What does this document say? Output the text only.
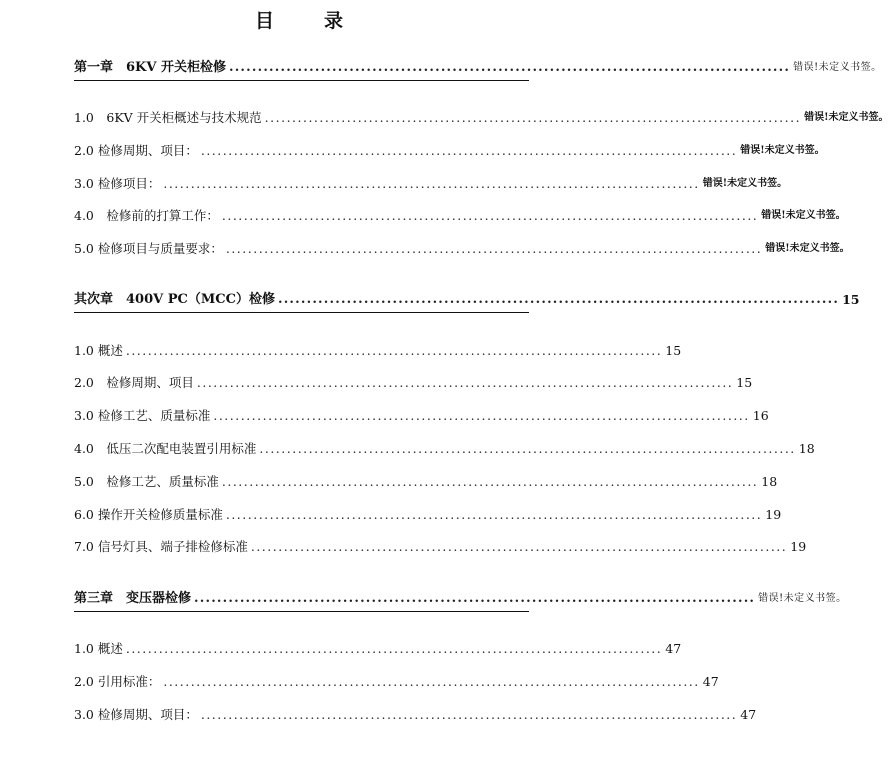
目	录
第一章　6KV 开关柜检修 .................................................................................................. 错误!未定义书签。
1.0　6KV 开关柜概述与技术规范 .................................................................................................. 错误!未定义书签。
2.0 检修周期、项目： .................................................................................................. 错误!未定义书签。
3.0 检修项目： .................................................................................................. 错误!未定义书签。
4.0　检修前的打算工作： .................................................................................................. 错误!未定义书签。
5.0 检修项目与质量要求： .................................................................................................. 错误!未定义书签。
其次章　400V PC（MCC）检修 .................................................................................................. 15
1.0 概述 .................................................................................................. 15
2.0　检修周期、项目 .................................................................................................. 15
3.0 检修工艺、质量标准 .................................................................................................. 16
4.0　低压二次配电装置引用标准 .................................................................................................. 18
5.0　检修工艺、质量标准 .................................................................................................. 18
6.0 操作开关检修质量标准 .................................................................................................. 19
7.0 信号灯具、端子排检修标准 .................................................................................................. 19
第三章　变压器检修 .................................................................................................. 错误!未定义书签。
1.0 概述 .................................................................................................. 47
2.0 引用标准： .................................................................................................. 47
3.0 检修周期、项目： .................................................................................................. 47
